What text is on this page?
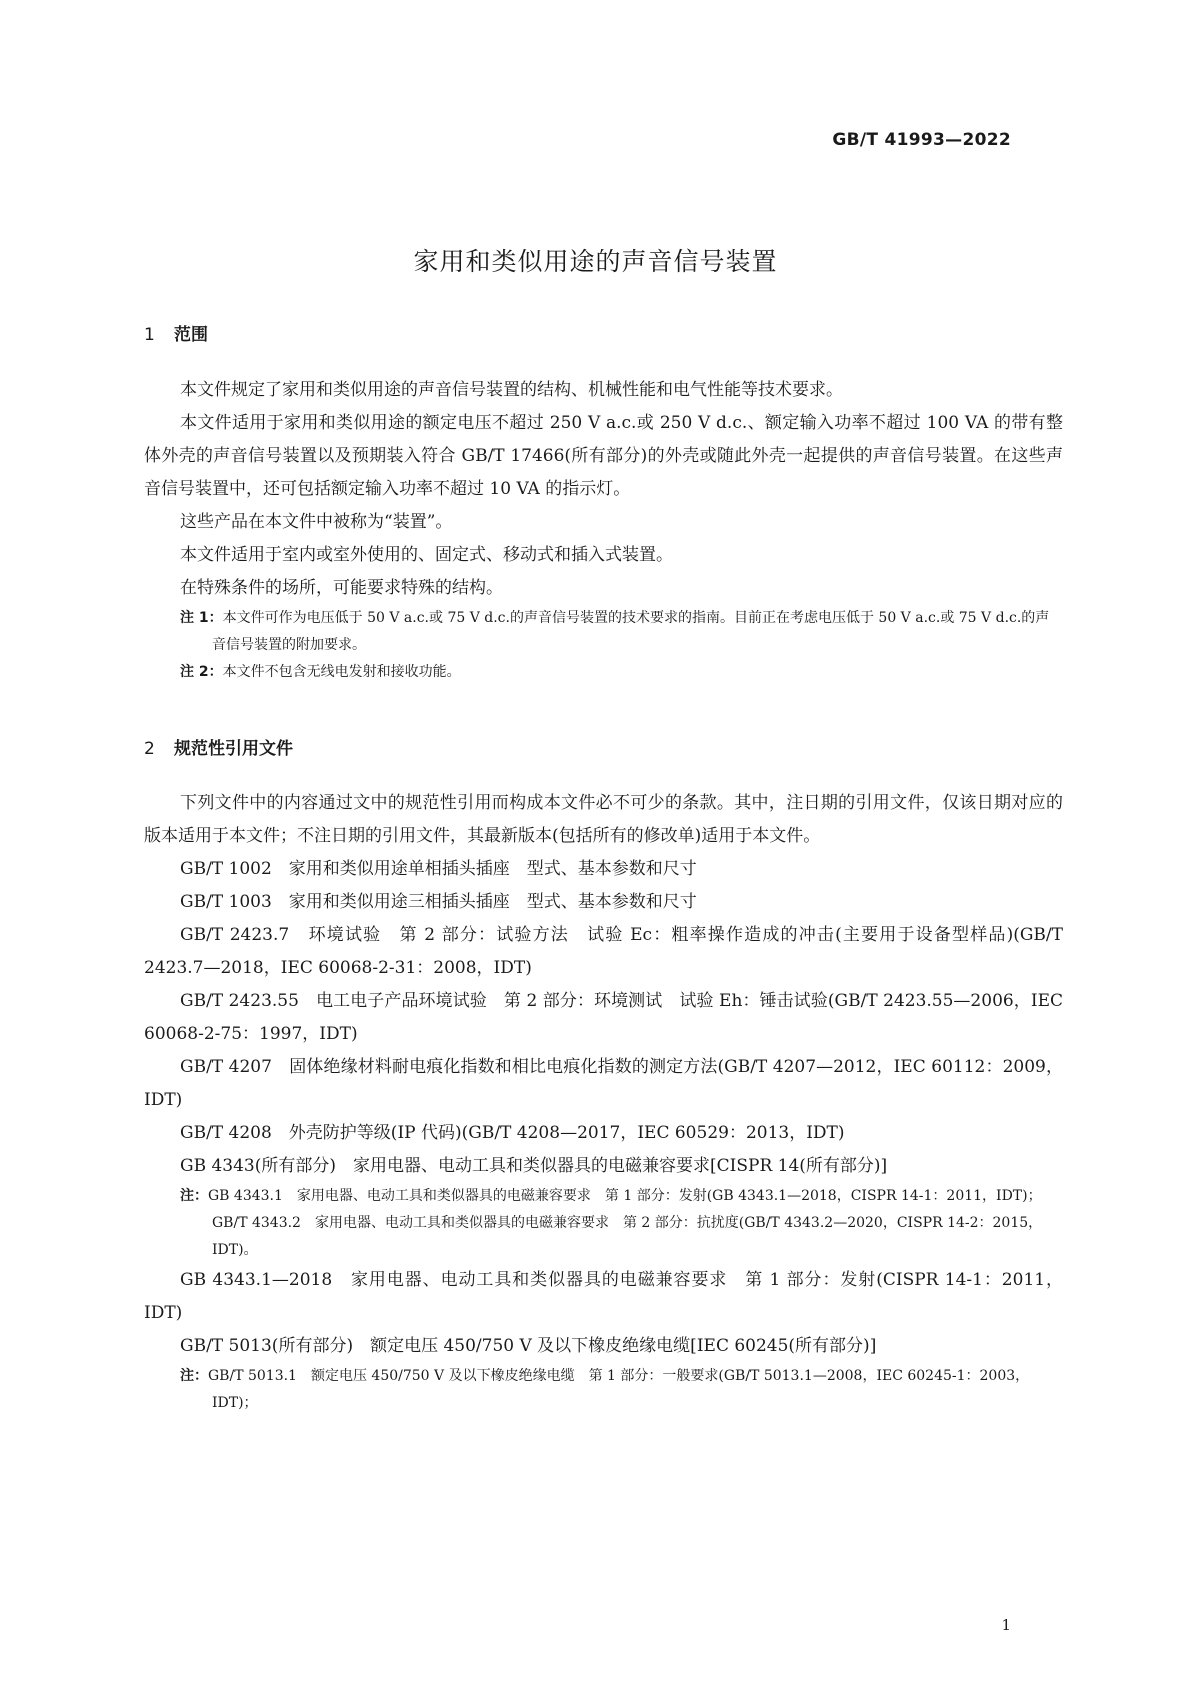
GB/T 41993—2022
家用和类似用途的声音信号装置
1 范围

本文件规定了家用和类似用途的声音信号装置的结构、机械性能和电气性能等技术要求。

本文件适用于家用和类似用途的额定电压不超过 250 V a.c.或 250 V d.c.、额定输入功率不超过 100 VA 的带有整体外壳的声音信号装置以及预期装入符合 GB/T 17466(所有部分)的外壳或随此外壳一起提供的声音信号装置。在这些声音信号装置中，还可包括额定输入功率不超过 10 VA 的指示灯。

这些产品在本文件中被称为“装置”。

本文件适用于室内或室外使用的、固定式、移动式和插入式装置。

在特殊条件的场所，可能要求特殊的结构。

注 1：本文件可作为电压低于 50 V a.c.或 75 V d.c.的声音信号装置的技术要求的指南。目前正在考虑电压低于 50 V a.c.或 75 V d.c.的声音信号装置的附加要求。

注 2：本文件不包含无线电发射和接收功能。

2 规范性引用文件

下列文件中的内容通过文中的规范性引用而构成本文件必不可少的条款。其中，注日期的引用文件，仅该日期对应的版本适用于本文件；不注日期的引用文件，其最新版本(包括所有的修改单)适用于本文件。

GB/T 1002　家用和类似用途单相插头插座　型式、基本参数和尺寸

GB/T 1003　家用和类似用途三相插头插座　型式、基本参数和尺寸

GB/T 2423.7　环境试验　第 2 部分：试验方法　试验 Ec：粗率操作造成的冲击(主要用于设备型样品)(GB/T 2423.7—2018，IEC 60068-2-31：2008，IDT)

GB/T 2423.55　电工电子产品环境试验　第 2 部分：环境测试　试验 Eh：锤击试验(GB/T 2423.55—2006，IEC 60068-2-75：1997，IDT)

GB/T 4207　固体绝缘材料耐电痕化指数和相比电痕化指数的测定方法(GB/T 4207—2012，IEC 60112：2009，IDT)

GB/T 4208　外壳防护等级(IP 代码)(GB/T 4208—2017，IEC 60529：2013，IDT)

GB 4343(所有部分)　家用电器、电动工具和类似器具的电磁兼容要求[CISPR 14(所有部分)]

注：GB 4343.1　家用电器、电动工具和类似器具的电磁兼容要求　第 1 部分：发射(GB 4343.1—2018，CISPR 14-1：2011，IDT)；

GB/T 4343.2　家用电器、电动工具和类似器具的电磁兼容要求　第 2 部分：抗扰度(GB/T 4343.2—2020，CISPR 14-2：2015，IDT)。

GB 4343.1—2018　家用电器、电动工具和类似器具的电磁兼容要求　第 1 部分：发射(CISPR 14-1：2011，IDT)

GB/T 5013(所有部分)　额定电压 450/750 V 及以下橡皮绝缘电缆[IEC 60245(所有部分)]

注：GB/T 5013.1　额定电压 450/750 V 及以下橡皮绝缘电缆　第 1 部分：一般要求(GB/T 5013.1—2008，IEC 60245-1：2003，IDT)；

1
